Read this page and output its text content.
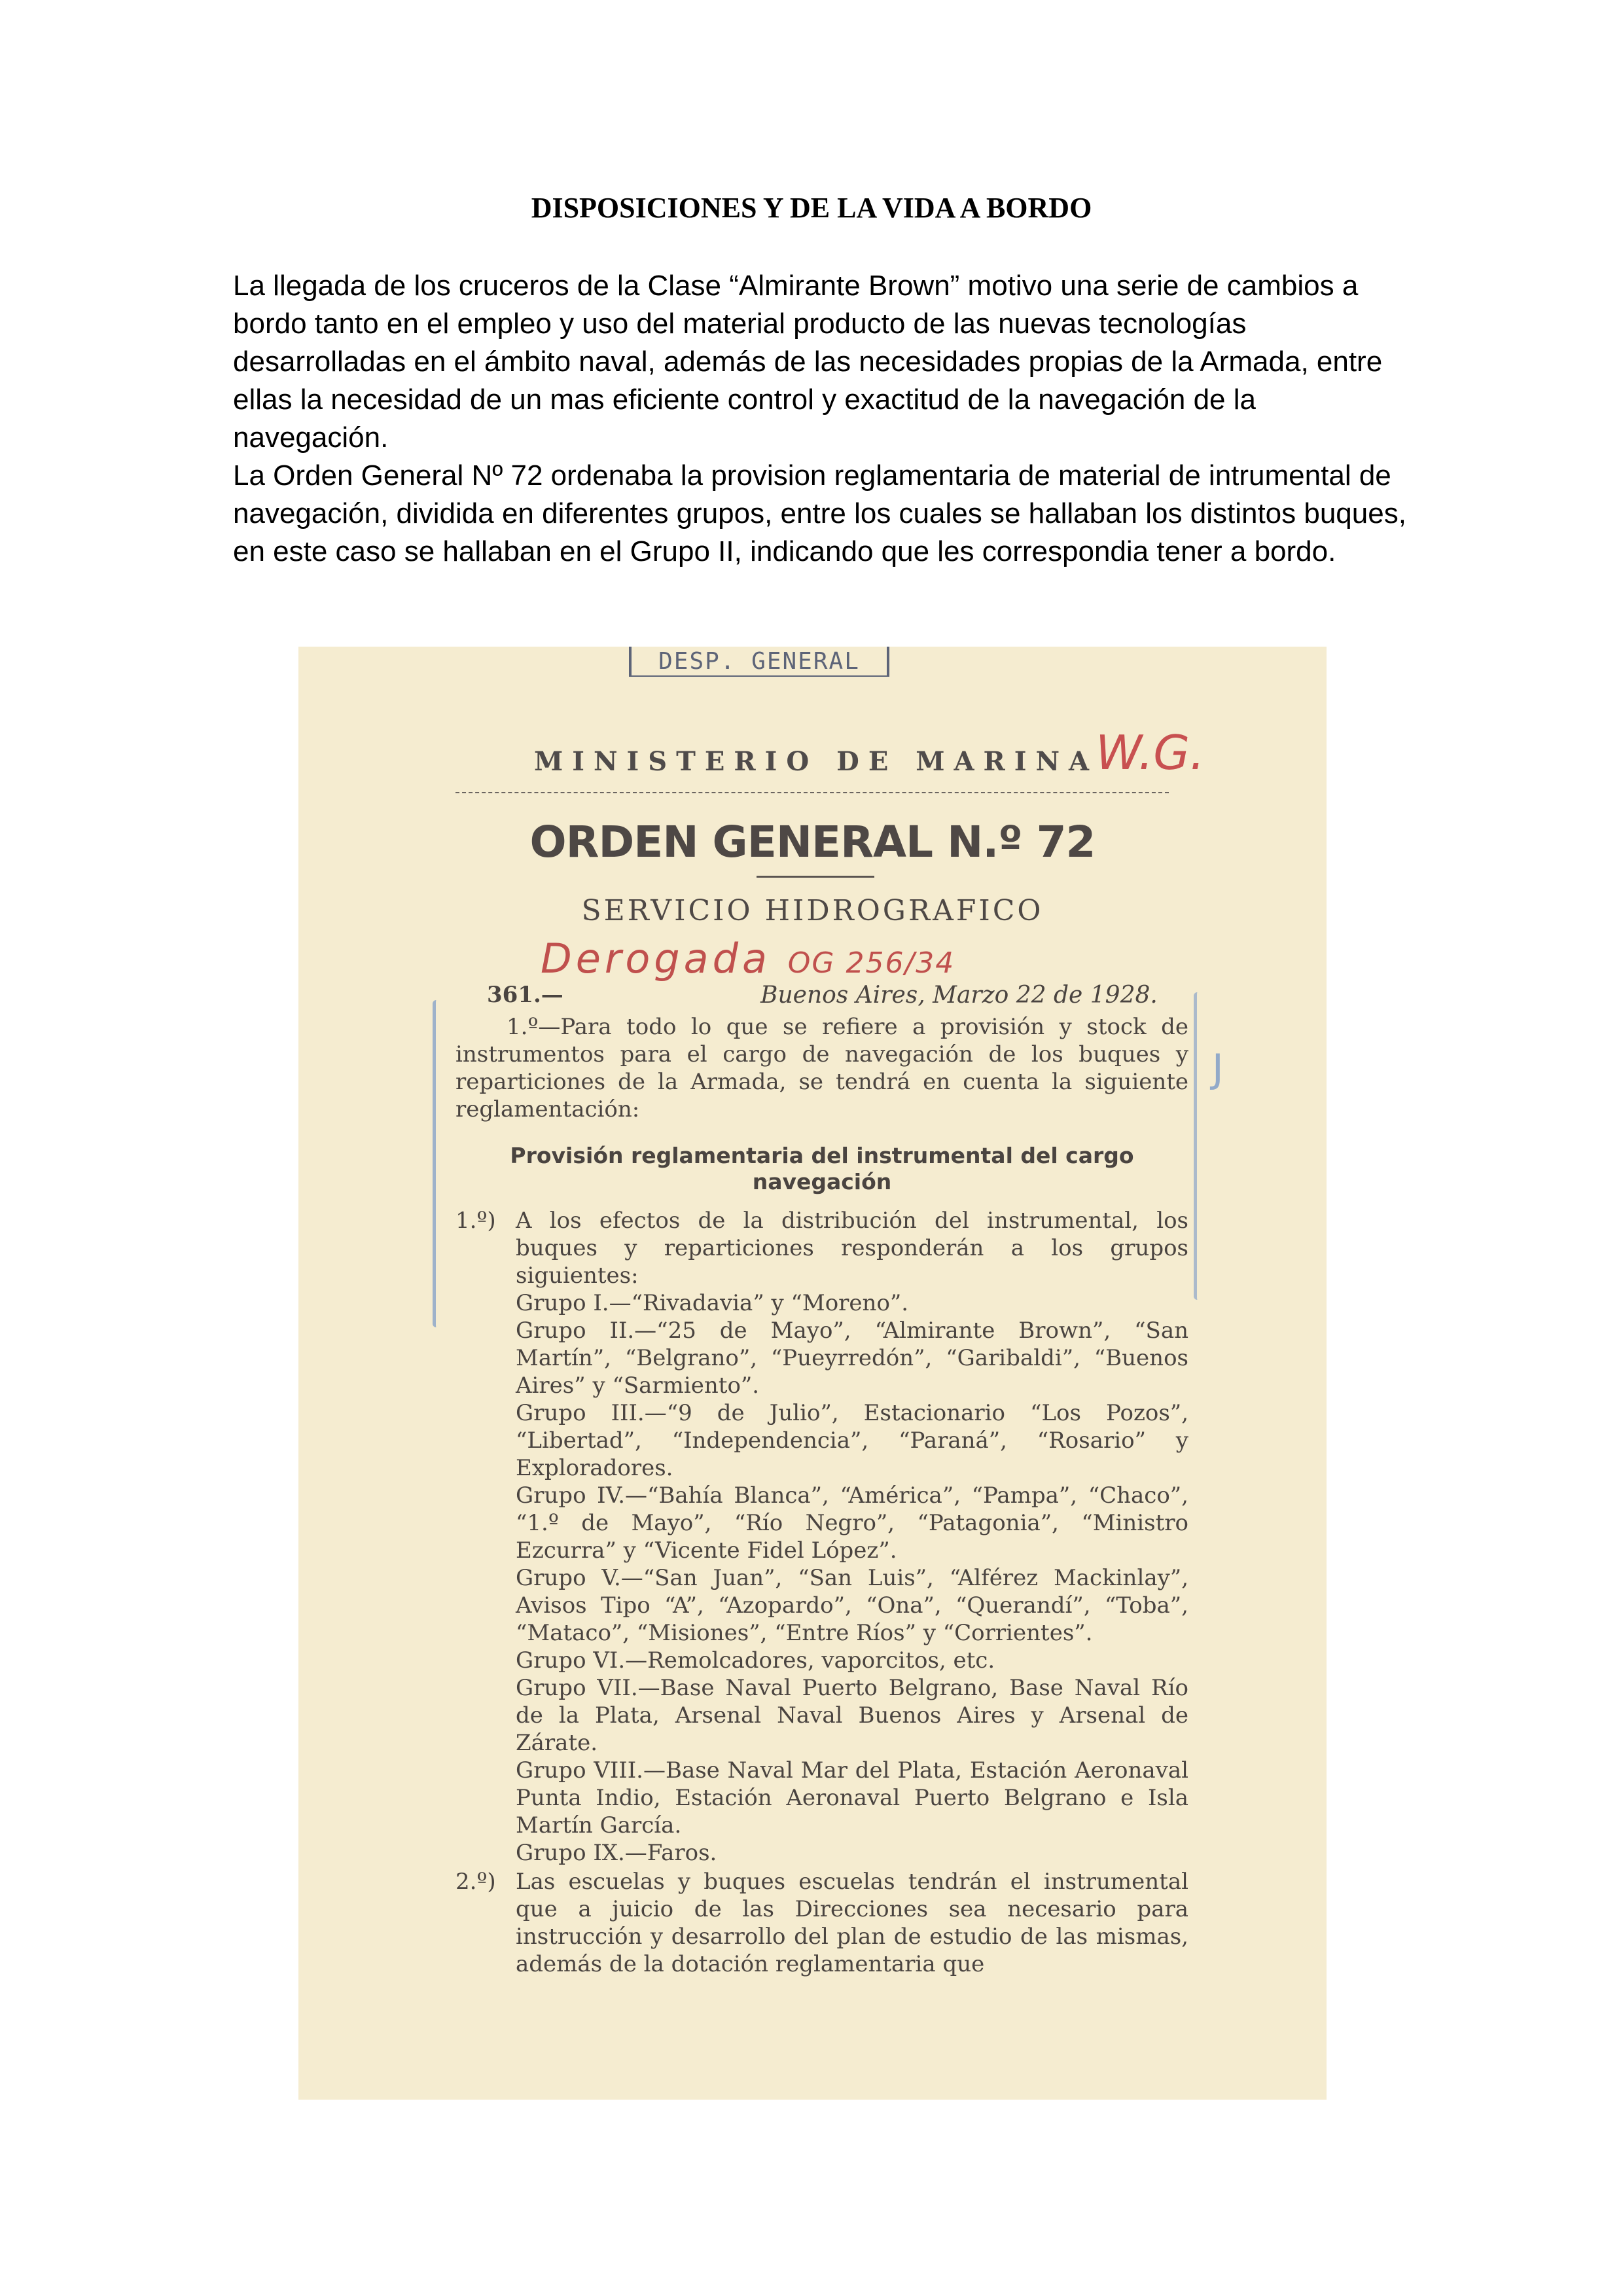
DISPOSICIONES Y DE LA VIDA A BORDO

La llegada de los cruceros de la Clase “Almirante Brown” motivo una serie de cambios a bordo tanto en el empleo y uso del material producto de las nuevas tecnologías desarrolladas en el ámbito naval, además de las necesidades propias de la Armada, entre ellas la necesidad de un mas eficiente control y exactitud de la navegación de la navegación.

La Orden General Nº 72 ordenaba la provision reglamentaria de material de intrumental de navegación, dividida en diferentes grupos, entre los cuales se hallaban los distintos buques, en este caso se hallaban en el Grupo II, indicando que les correspondia tener a bordo.

DESP. GENERAL
MINISTERIO DE MARINA
W.G.
ORDEN GENERAL N.º 72
SERVICIO HIDROGRAFICO
Derogada OG 256/34
361.—	Buenos Aires, Marzo 22 de 1928.
J

1.º—Para todo lo que se refiere a provisión y stock de instrumentos para el cargo de navegación de los buques y reparticiones de la Armada, se tendrá en cuenta la siguiente reglamentación:

Provisión reglamentaria del instrumental del cargo navegación

1.º) A los efectos de la distribución del instrumental, los buques y reparticiones responderán a los grupos siguientes:

Grupo I.—“Rivadavia” y “Moreno”.

Grupo II.—“25 de Mayo”, “Almirante Brown”, “San Martín”, “Belgrano”, “Pueyrredón”, “Garibaldi”, “Buenos Aires” y “Sarmiento”.

Grupo III.—“9 de Julio”, Estacionario “Los Pozos”, “Libertad”, “Independencia”, “Paraná”, “Rosario” y Exploradores.

Grupo IV.—“Bahía Blanca”, “América”, “Pampa”, “Chaco”, “1.º de Mayo”, “Río Negro”, “Patagonia”, “Ministro Ezcurra” y “Vicente Fidel López”.

Grupo V.—“San Juan”, “San Luis”, “Alférez Mackinlay”, Avisos Tipo “A”, “Azopardo”, “Ona”, “Querandí”, “Toba”, “Mataco”, “Misiones”, “Entre Ríos” y “Corrientes”.

Grupo VI.—Remolcadores, vaporcitos, etc.

Grupo VII.—Base Naval Puerto Belgrano, Base Naval Río de la Plata, Arsenal Naval Buenos Aires y Arsenal de Zárate.

Grupo VIII.—Base Naval Mar del Plata, Estación Aeronaval Punta Indio, Estación Aeronaval Puerto Belgrano e Isla Martín García.

Grupo IX.—Faros.

2.º) Las escuelas y buques escuelas tendrán el instrumental que a juicio de las Direcciones sea necesario para instrucción y desarrollo del plan de estudio de las mismas, además de la dotación reglamentaria que
